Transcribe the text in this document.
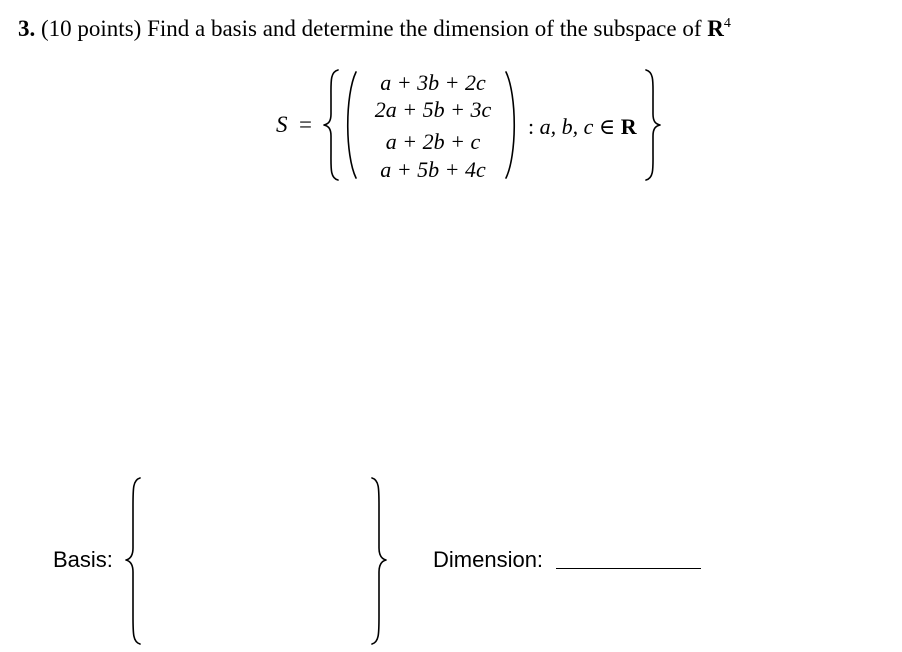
3. (10 points) Find a basis and determine the dimension of the subspace of $R^4$
S =
a + 3b + 2c
2a + 5b + 3c
a + 2b + c
a + 5b + 4c
: a, b, c ∈ R
Basis:	Dimension:
